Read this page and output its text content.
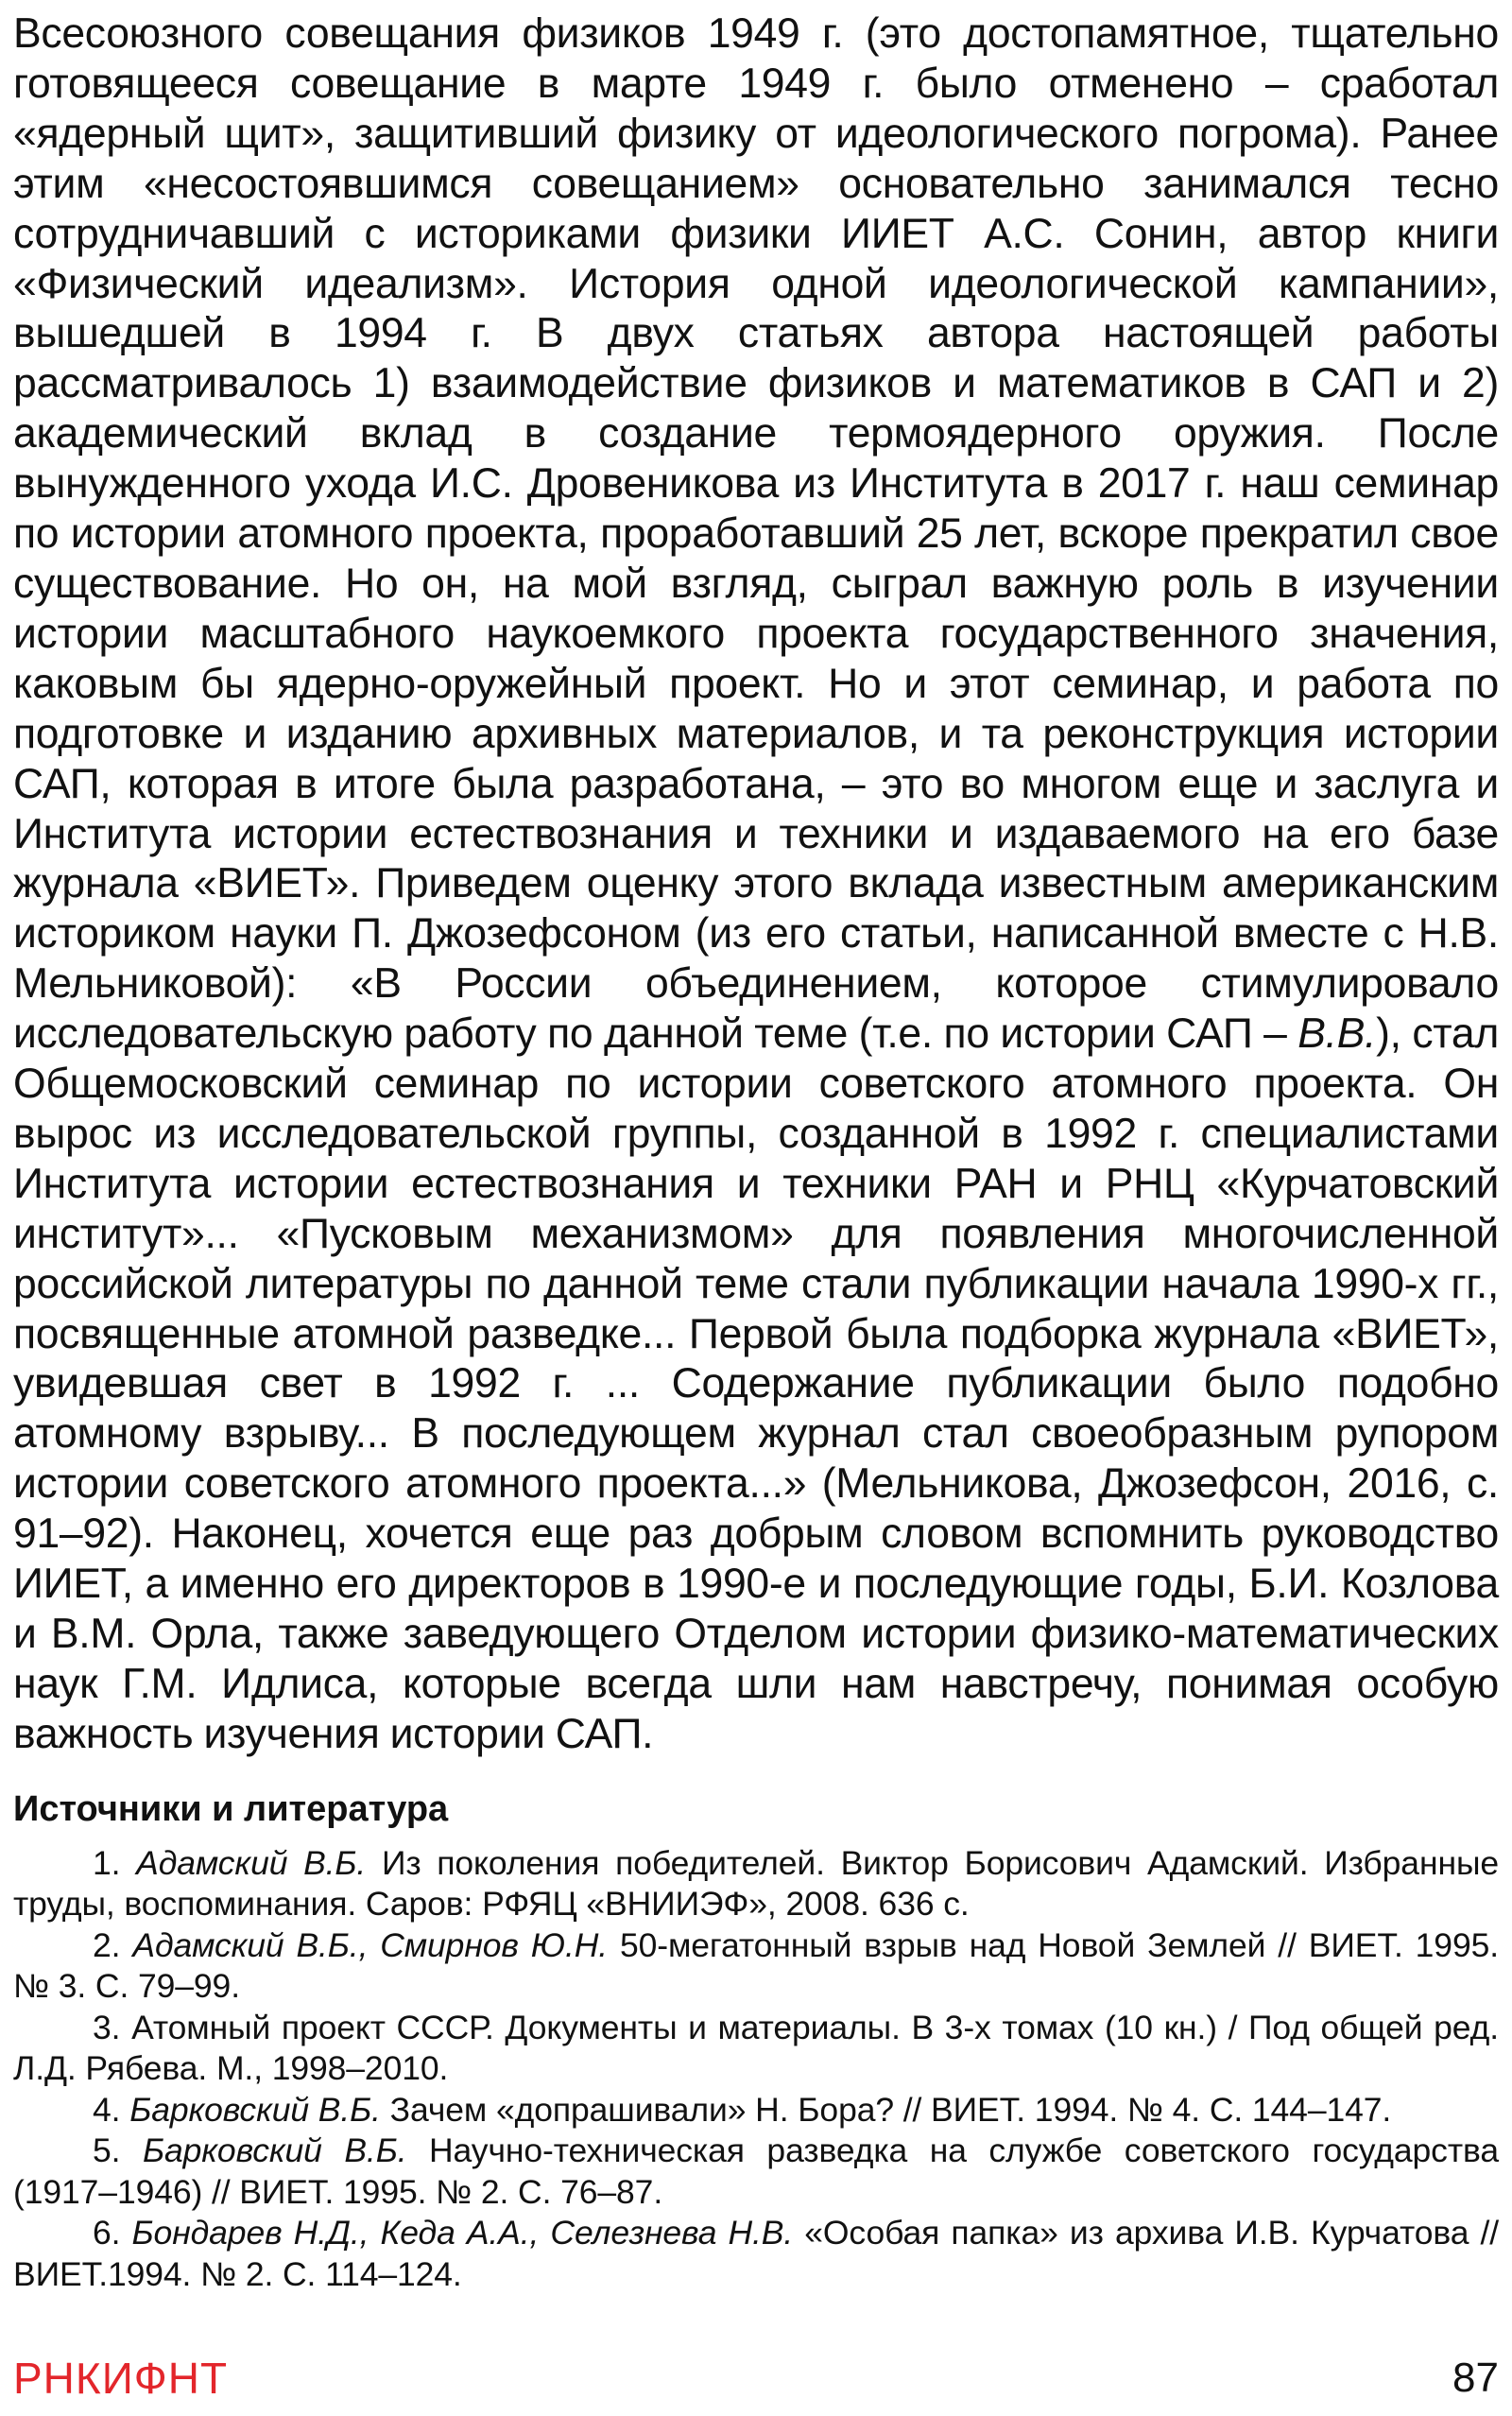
Всесоюзного совещания физиков 1949 г. (это достопамятное, тщательно готовящееся совещание в марте 1949 г. было отменено – сработал «ядерный щит», защитивший физику от идеологического погрома). Ранее этим «несостоявшимся совещанием» основательно занимался тесно сотрудничавший с историками физики ИИЕТ А.С. Сонин, автор книги «Физический идеализм». История одной идеологической кампании», вышедшей в 1994 г. В двух статьях автора настоящей работы рассматривалось 1) взаимодействие физиков и математиков в САП и 2) академический вклад в создание термоядерного оружия. После вынужденного ухода И.С. Дровеникова из Института в 2017 г. наш семинар по истории атомного проекта, проработавший 25 лет, вскоре прекратил свое существование. Но он, на мой взгляд, сыграл важную роль в изучении истории масштабного наукоемкого проекта государственного значения, каковым бы ядерно-оружейный проект. Но и этот семинар, и работа по подготовке и изданию архивных материалов, и та реконструкция истории САП, которая в итоге была разработана, – это во многом еще и заслуга и Института истории естествознания и техники и издаваемого на его базе журнала «ВИЕТ». Приведем оценку этого вклада известным американским историком науки П. Джозефсоном (из его статьи, написанной вместе с Н.В. Мельниковой): «В России объединением, которое стимулировало исследовательскую работу по данной теме (т.е. по истории САП – В.В.), стал Общемосковский семинар по истории советского атомного проекта. Он вырос из исследовательской группы, созданной в 1992 г. специалистами Института истории естествознания и техники РАН и РНЦ «Курчатовский институт»... «Пусковым механизмом» для появления многочисленной российской литературы по данной теме стали публикации начала 1990-х гг., посвященные атомной разведке... Первой была подборка журнала «ВИЕТ», увидевшая свет в 1992 г. ... Содержание публикации было подобно атомному взрыву... В последующем журнал стал своеобразным рупором истории советского атомного проекта...» (Мельникова, Джозефсон, 2016, с. 91–92). Наконец, хочется еще раз добрым словом вспомнить руководство ИИЕТ, а именно его директоров в 1990-е и последующие годы, Б.И. Козлова и В.М. Орла, также заведующего Отделом истории физико-математических наук Г.М. Идлиса, которые всегда шли нам навстречу, понимая особую важность изучения истории САП.

Источники и литература
1. Адамский В.Б. Из поколения победителей. Виктор Борисович Адамский. Избранные труды, воспоминания. Саров: РФЯЦ «ВНИИЭФ», 2008. 636 с.
2. Адамский В.Б., Смирнов Ю.Н. 50-мегатонный взрыв над Новой Землей // ВИЕТ. 1995. № 3. С. 79–99.
3. Атомный проект СССР. Документы и материалы. В 3-х томах (10 кн.) / Под общей ред. Л.Д. Рябева. М., 1998–2010.
4. Барковский В.Б. Зачем «допрашивали» Н. Бора? // ВИЕТ. 1994. № 4. С. 144–147.
5. Барковский В.Б. Научно-техническая разведка на службе советского государства (1917–1946) // ВИЕТ. 1995. № 2. С. 76–87.
6. Бондарев Н.Д., Кеда А.А., Селезнева Н.В. «Особая папка» из архива И.В. Курчатова // ВИЕТ.1994. № 2. С. 114–124.
РНКИФНТ	87
